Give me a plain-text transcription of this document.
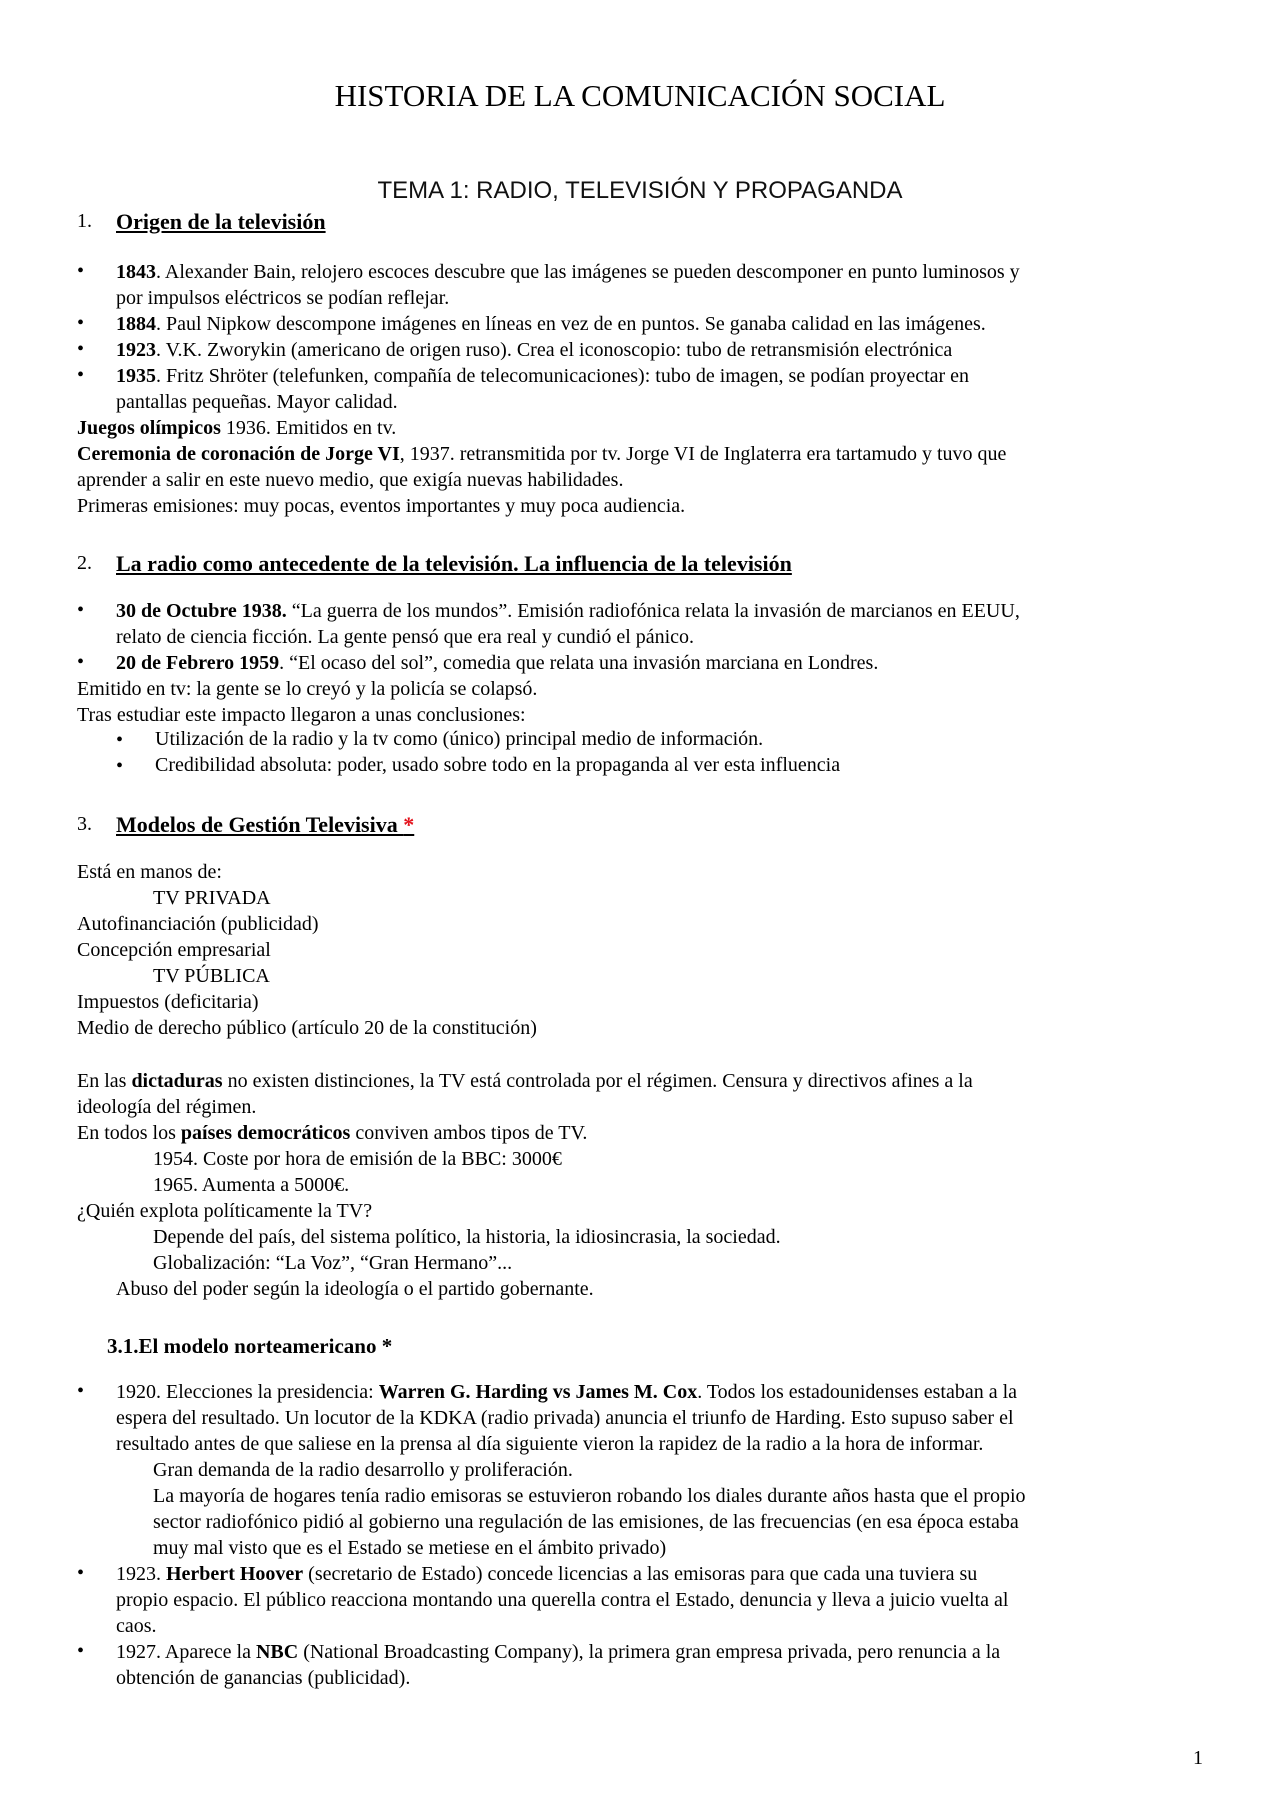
HISTORIA DE LA COMUNICACIÓN SOCIAL
TEMA 1: RADIO, TELEVISIÓN Y PROPAGANDA
1. Origen de la televisión
• 1843. Alexander Bain, relojero escoces descubre que las imágenes se pueden descomponer en punto luminosos y
por impulsos eléctricos se podían reflejar.
• 1884. Paul Nipkow descompone imágenes en líneas en vez de en puntos. Se ganaba calidad en las imágenes.
• 1923. V.K. Zworykin (americano de origen ruso). Crea el iconoscopio: tubo de retransmisión electrónica
• 1935. Fritz Shröter (telefunken, compañía de telecomunicaciones): tubo de imagen, se podían proyectar en
pantallas pequeñas. Mayor calidad.
Juegos olímpicos 1936. Emitidos en tv.
Ceremonia de coronación de Jorge VI, 1937. retransmitida por tv. Jorge VI de Inglaterra era tartamudo y tuvo que
aprender a salir en este nuevo medio, que exigía nuevas habilidades.
Primeras emisiones: muy pocas, eventos importantes y muy poca audiencia.
2. La radio como antecedente de la televisión. La influencia de la televisión
• 30 de Octubre 1938. “La guerra de los mundos”. Emisión radiofónica relata la invasión de marcianos en EEUU,
relato de ciencia ficción. La gente pensó que era real y cundió el pánico.
• 20 de Febrero 1959. “El ocaso del sol”, comedia que relata una invasión marciana en Londres.
Emitido en tv: la gente se lo creyó y la policía se colapsó.
Tras estudiar este impacto llegaron a unas conclusiones:
• Utilización de la radio y la tv como (único) principal medio de información.
• Credibilidad absoluta: poder, usado sobre todo en la propaganda al ver esta influencia
3. Modelos de Gestión Televisiva *
Está en manos de:
TV PRIVADA
Autofinanciación (publicidad)
Concepción empresarial
TV PÚBLICA
Impuestos (deficitaria)
Medio de derecho público (artículo 20 de la constitución)
En las dictaduras no existen distinciones, la TV está controlada por el régimen. Censura y directivos afines a la
ideología del régimen.
En todos los países democráticos conviven ambos tipos de TV.
1954. Coste por hora de emisión de la BBC: 3000€
1965. Aumenta a 5000€.
¿Quién explota políticamente la TV?
Depende del país, del sistema político, la historia, la idiosincrasia, la sociedad.
Globalización: “La Voz”, “Gran Hermano”...
Abuso del poder según la ideología o el partido gobernante.
3.1.El modelo norteamericano *
• 1920. Elecciones la presidencia: Warren G. Harding vs James M. Cox. Todos los estadounidenses estaban a la
espera del resultado. Un locutor de la KDKA (radio privada) anuncia el triunfo de Harding. Esto supuso saber el
resultado antes de que saliese en la prensa al día siguiente vieron la rapidez de la radio a la hora de informar.
Gran demanda de la radio desarrollo y proliferación.
La mayoría de hogares tenía radio emisoras se estuvieron robando los diales durante años hasta que el propio
sector radiofónico pidió al gobierno una regulación de las emisiones, de las frecuencias (en esa época estaba
muy mal visto que es el Estado se metiese en el ámbito privado)
• 1923. Herbert Hoover (secretario de Estado) concede licencias a las emisoras para que cada una tuviera su
propio espacio. El público reacciona montando una querella contra el Estado, denuncia y lleva a juicio vuelta al
caos.
• 1927. Aparece la NBC (National Broadcasting Company), la primera gran empresa privada, pero renuncia a la
obtención de ganancias (publicidad).
1
